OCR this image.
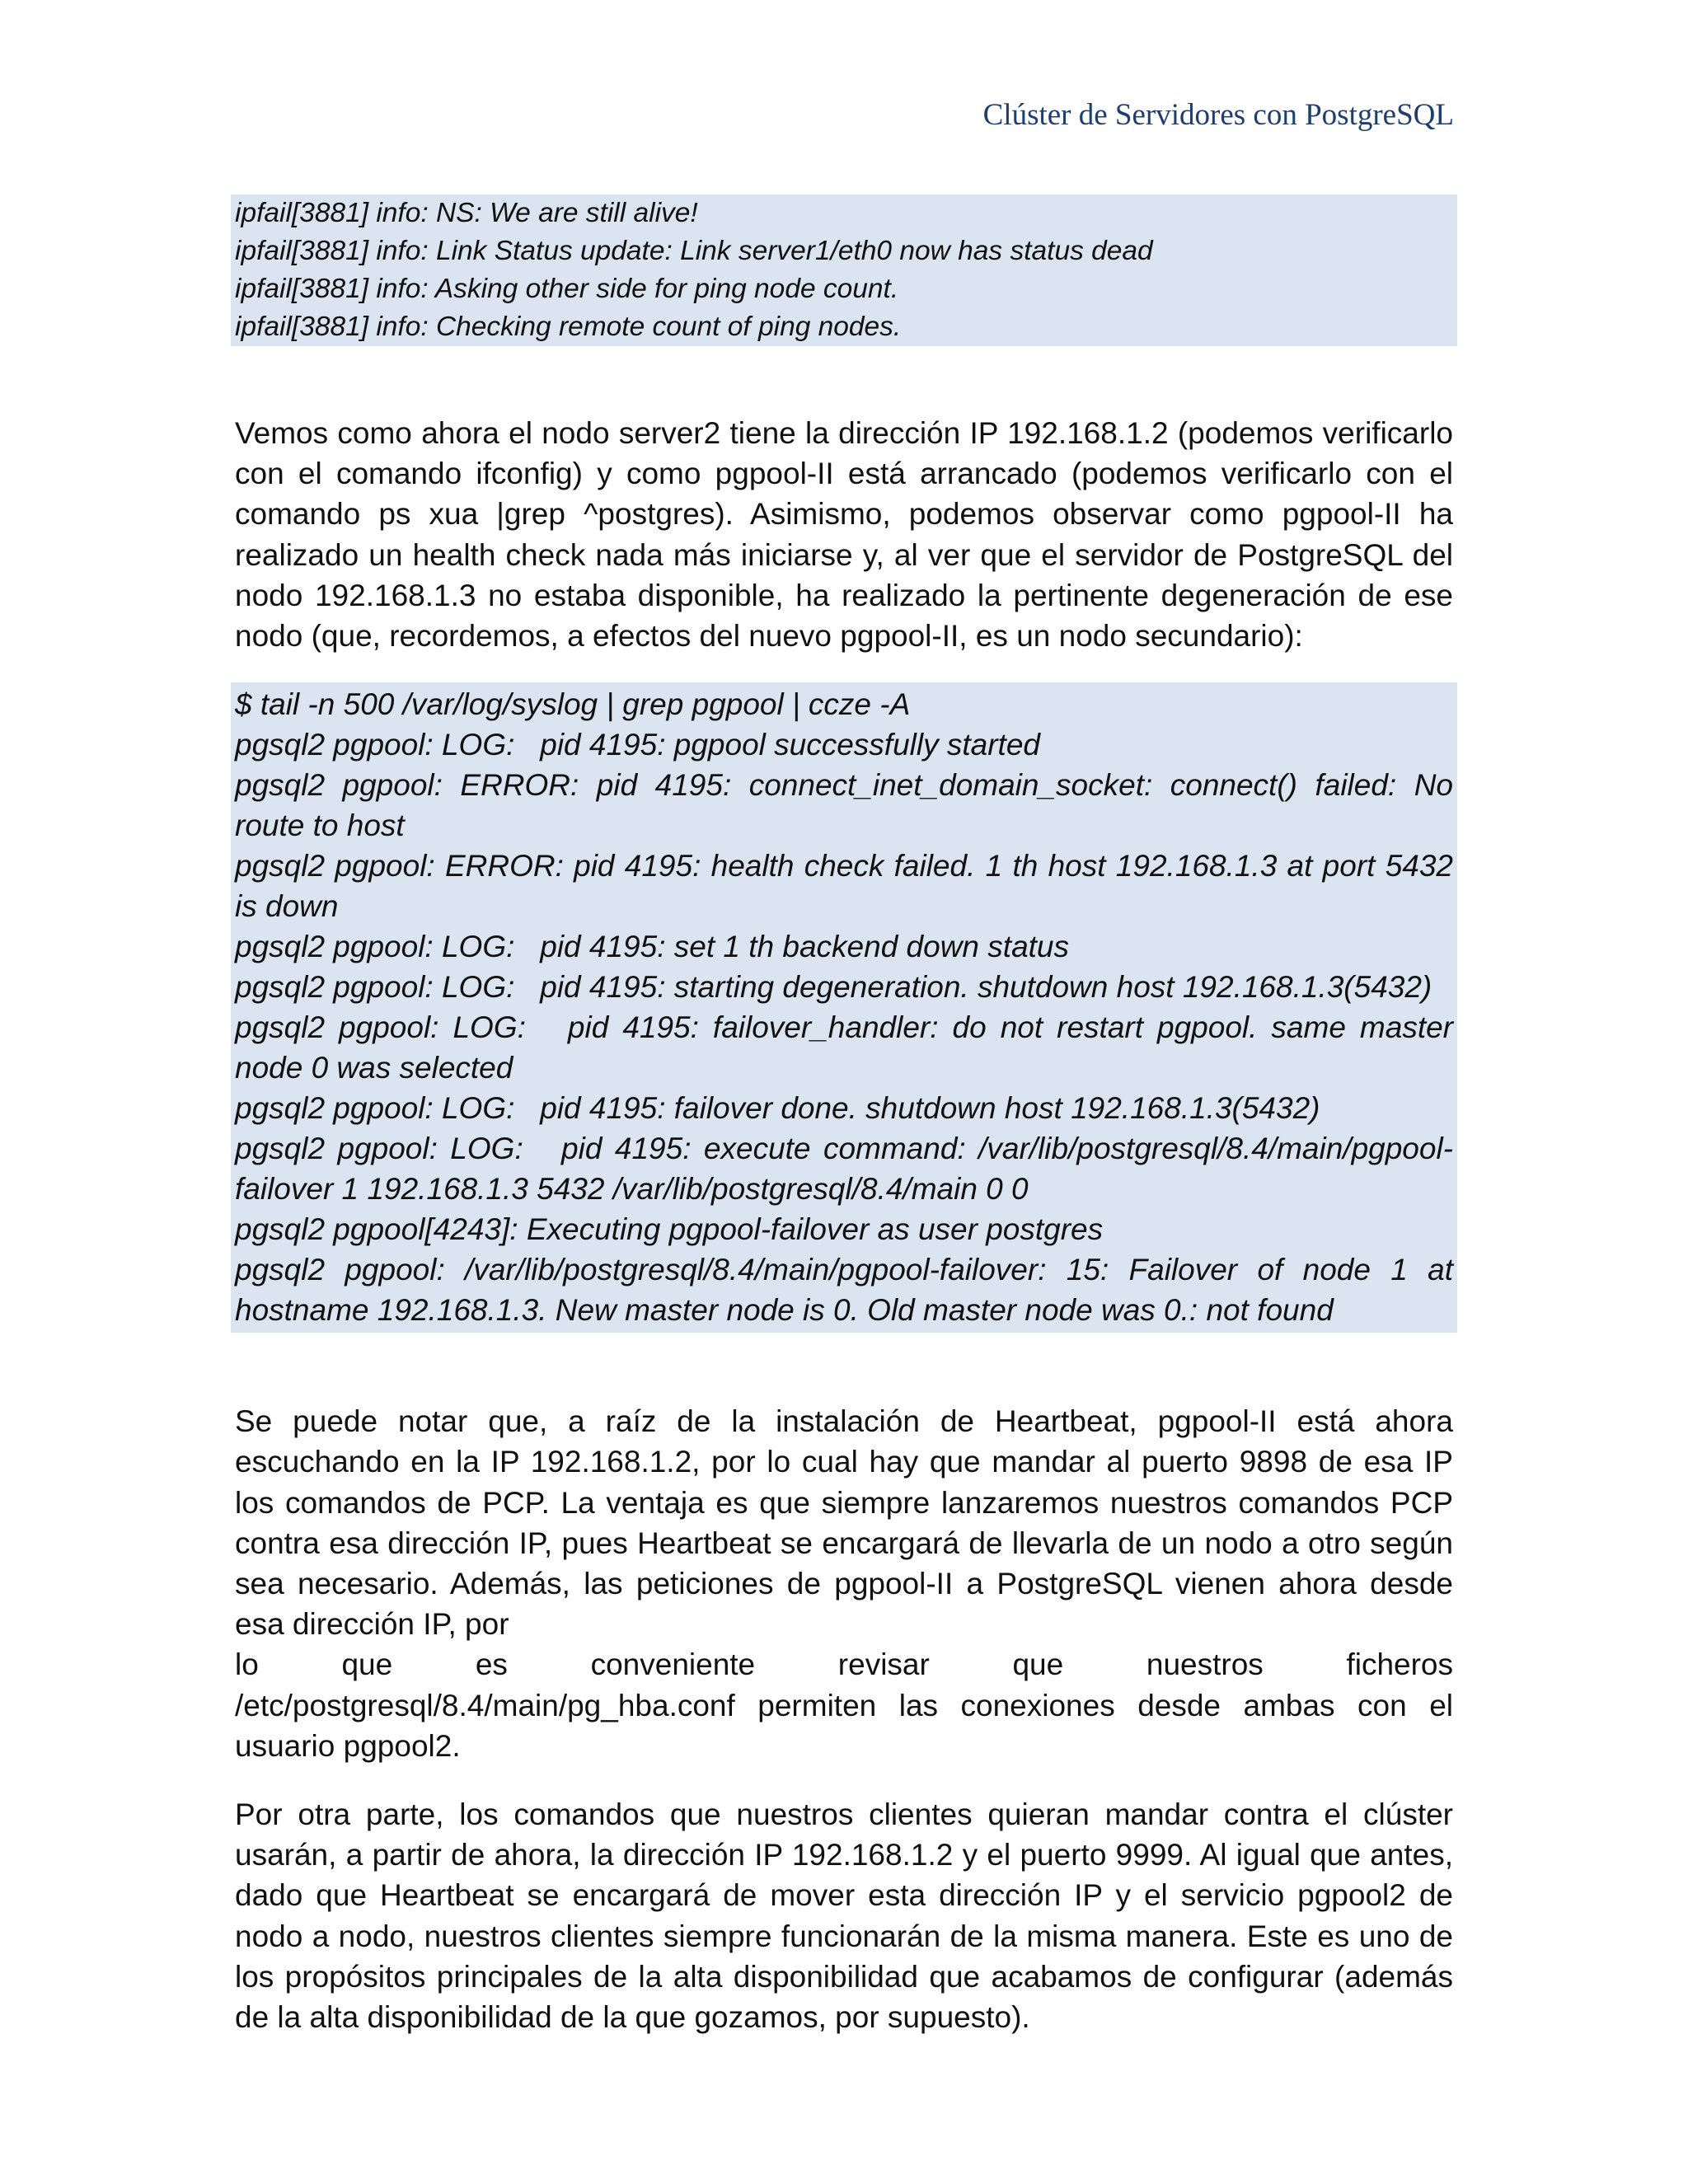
Clúster de Servidores con PostgreSQL
ipfail[3881] info: NS: We are still alive!
ipfail[3881] info: Link Status update: Link server1/eth0 now has status dead
ipfail[3881] info: Asking other side for ping node count.
ipfail[3881] info: Checking remote count of ping nodes.

Vemos como ahora el nodo server2 tiene la dirección IP 192.168.1.2 (podemos verificarlo con el comando ifconfig) y como pgpool-II está arrancado (podemos verificarlo con el comando ps xua |grep ^postgres). Asimismo, podemos observar como pgpool-II ha realizado un health check nada más iniciarse y, al ver que el servidor de PostgreSQL del nodo 192.168.1.3 no estaba disponible, ha realizado la pertinente degeneración de ese nodo (que, recordemos, a efectos del nuevo pgpool-II, es un nodo secundario):

$ tail -n 500 /var/log/syslog | grep pgpool | ccze -A
pgsql2 pgpool: LOG:   pid 4195: pgpool successfully started
pgsql2 pgpool: ERROR: pid 4195: connect_inet_domain_socket: connect() failed: No route to host
pgsql2 pgpool: ERROR: pid 4195: health check failed. 1 th host 192.168.1.3 at port 5432 is down
pgsql2 pgpool: LOG:   pid 4195: set 1 th backend down status
pgsql2 pgpool: LOG:   pid 4195: starting degeneration. shutdown host 192.168.1.3(5432)
pgsql2 pgpool: LOG:   pid 4195: failover_handler: do not restart pgpool. same master node 0 was selected
pgsql2 pgpool: LOG:   pid 4195: failover done. shutdown host 192.168.1.3(5432)
pgsql2 pgpool: LOG:   pid 4195: execute command: /var/lib/postgresql/8.4/main/pgpool-failover 1 192.168.1.3 5432 /var/lib/postgresql/8.4/main 0 0
pgsql2 pgpool[4243]: Executing pgpool-failover as user postgres
pgsql2 pgpool: /var/lib/postgresql/8.4/main/pgpool-failover: 15: Failover of node 1 at hostname 192.168.1.3. New master node is 0. Old master node was 0.: not found
Se puede notar que, a raíz de la instalación de Heartbeat, pgpool-II está ahora escuchando en la IP 192.168.1.2, por lo cual hay que mandar al puerto 9898 de esa IP los comandos de PCP. La ventaja es que siempre lanzaremos nuestros comandos PCP contra esa dirección IP, pues Heartbeat se encargará de llevarla de un nodo a otro según sea necesario. Además, las peticiones de pgpool-II a PostgreSQL vienen ahora desde esa dirección IP, por
lo que es conveniente revisar que nuestros ficheros
/etc/postgresql/8.4/main/pg_hba.conf permiten las conexiones desde ambas con el usuario pgpool2.

Por otra parte, los comandos que nuestros clientes quieran mandar contra el clúster usarán, a partir de ahora, la dirección IP 192.168.1.2 y el puerto 9999. Al igual que antes, dado que Heartbeat se encargará de mover esta dirección IP y el servicio pgpool2 de nodo a nodo, nuestros clientes siempre funcionarán de la misma manera. Este es uno de los propósitos principales de la alta disponibilidad que acabamos de configurar (además de la alta disponibilidad de la que gozamos, por supuesto).
